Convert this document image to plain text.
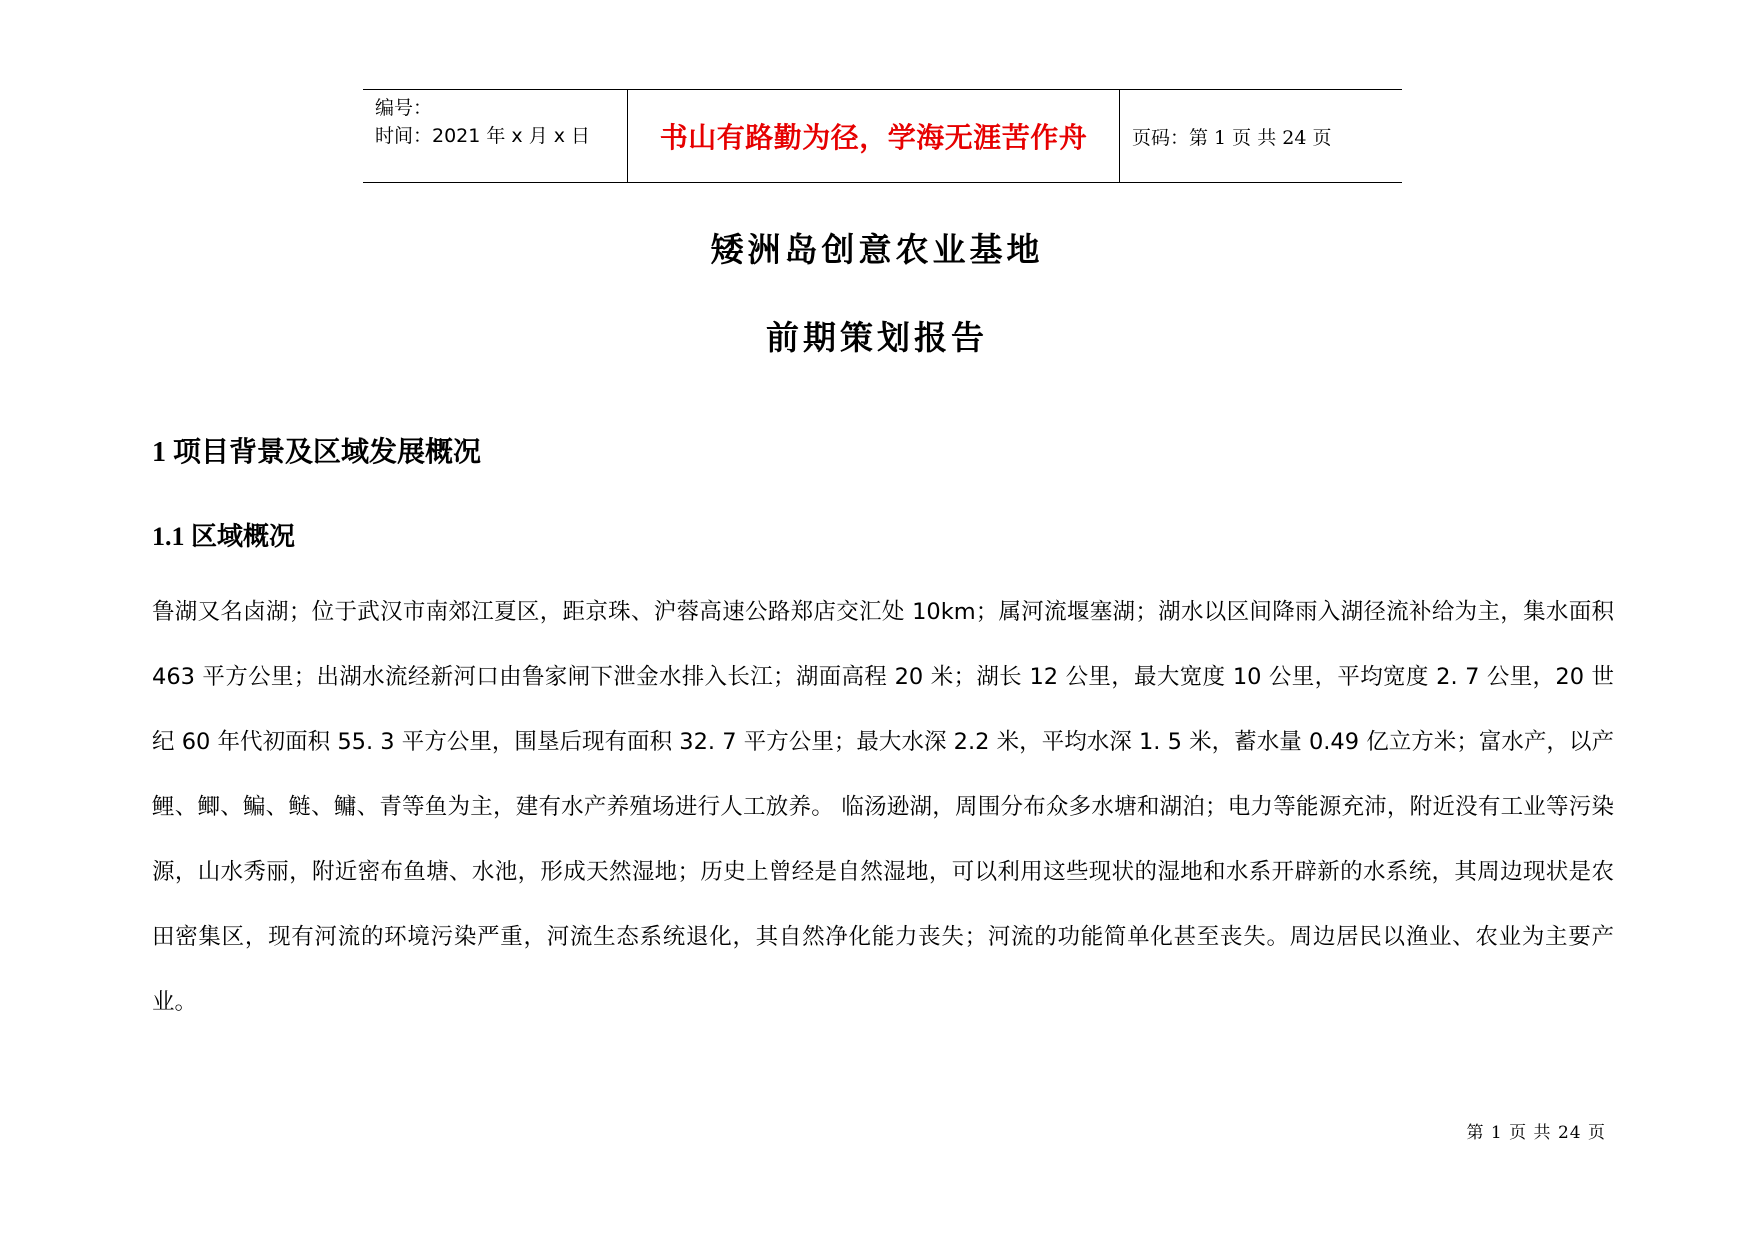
编号：
时间：2021 年 x 月 x 日	书山有路勤为径，学海无涯苦作舟 页码：第 1 页 共 24 页
矮洲岛创意农业基地
前期策划报告
1 项目背景及区域发展概况
1.1 区域概况

鲁湖又名卤湖；位于武汉市南郊江夏区，距京珠、沪蓉高速公路郑店交汇处 10km；属河流堰塞湖；湖水以区间降雨入湖径流补给为主，集水面积 463 平方公里；出湖水流经新河口由鲁家闸下泄金水排入长江；湖面高程 20 米；湖长 12 公里，最大宽度 10 公里，平均宽度 2. 7 公里，20 世纪 60 年代初面积 55. 3 平方公里，围垦后现有面积 32. 7 平方公里；最大水深 2.2 米，平均水深 1. 5 米，蓄水量 0.49 亿立方米；富水产，以产鲤、鲫、鳊、鲢、鳙、青等鱼为主，建有水产养殖场进行人工放养。 临汤逊湖，周围分布众多水塘和湖泊；电力等能源充沛，附近没有工业等污染源，山水秀丽，附近密布鱼塘、水池，形成天然湿地；历史上曾经是自然湿地，可以利用这些现状的湿地和水系开辟新的水系统，其周边现状是农田密集区，现有河流的环境污染严重，河流生态系统退化，其自然净化能力丧失；河流的功能简单化甚至丧失。周边居民以渔业、农业为主要产业。

第 1 页 共 24 页
